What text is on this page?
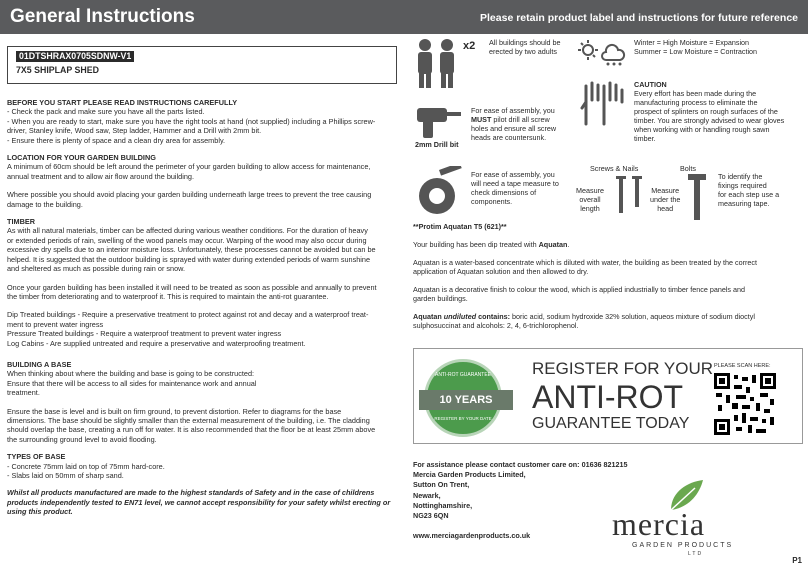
General Instructions	Please retain product label and instructions for future reference
01DTSHRAX0705SDNW-V1
7X5 SHIPLAP SHED
BEFORE YOU START PLEASE READ INSTRUCTIONS CAREFULLY
- Check the pack and make sure you have all the parts listed.
- When you are ready to start, make sure you have the right tools at hand (not supplied) including a Phillips screw-
driver, Stanley knife, Wood saw, Step ladder, Hammer and a Drill with 2mm bit.
- Ensure there is plenty of space and a clean dry area for assembly.
LOCATION FOR YOUR GARDEN BUILDING
A minimum of 60cm should be left around the perimeter of your garden building to allow access for maintenance,
annual treatment and to allow air flow around the building.
Where possible you should avoid placing your garden building underneath large trees to prevent the tree causing
damage to the building.
TIMBER
As with all natural materials, timber can be affected during various weather conditions. For the duration of heavy
or extended periods of rain, swelling of the wood panels may occur. Warping of the wood may also occur during
excessive dry spells due to an interior moisture loss. Unfortunately, these processes cannot be avoided but can be
helped. It is suggested that the outdoor building is sprayed with water during extended periods of warm sunshine
and sheltered as much as possible during rain or snow.
Once your garden building has been installed it will need to be treated as soon as possible and annually to prevent
the timber from deteriorating and to waterproof it. This is required to maintain the anti-rot guarantee.
Dip Treated buildings - Require a preservative treatment to protect against rot and decay and a waterproof treat-
ment to prevent water ingress
Pressure Treated buildings - Require a waterproof treatment to prevent water ingress
Log Cabins - Are supplied untreated and require a preservative and waterproofing treatment.
BUILDING A BASE
When thinking about where the building and base is going to be constructed:
Ensure that there will be access to all sides for maintenance work and annual
treatment.
Ensure the base is level and is built on firm ground, to prevent distortion. Refer to diagrams for the base
dimensions. The base should be slightly smaller than the external measurement of the building, i.e. The cladding
should overlap the base, creating a run off for water. It is also recommended that the floor be at least 25mm above
the surrounding ground level to avoid flooding.
TYPES OF BASE
- Concrete 75mm laid on top of 75mm hard-core.
- Slabs laid on 50mm of sharp sand.
Whilst all products manufactured are made to the highest standards of Safety and in the case of childrens
products independently tested to EN71 level, we cannot accept responsibility for your safety whilst erecting or
using this product.
x2 All buildings should be
erected by two adults
Winter = High Moisture = Expansion
Summer = Low Moisture = Contraction
2mm Drill bit
For ease of assembly, you
MUST pilot drill all screw
holes and ensure all screw
heads are countersunk.
CAUTION
Every effort has been made during the
manufacturing process to eliminate the
prospect of splinters on rough surfaces of the
timber. You are strongly advised to wear gloves
when working with or handling rough sawn
timber.
For ease of assembly, you
will need a tape measure to
check dimensions of
components.
Screws & Nails	Bolts
Measure
overall
length
Measure
under the
head
To identify the
fixings required
for each step use a
measuring tape.
**Protim Aquatan T5 (621)**
Your building has been dip treated with Aquatan.
Aquatan is a water-based concentrate which is diluted with water, the building as been treated by the correct
application of Aquatan solution and then allowed to dry.
Aquatan is a decorative finish to colour the wood, which is applied industrially to timber fence panels and
garden buildings.
Aquatan undiluted contains: boric acid, sodium hydroxide 32% solution, aqueos mixture of sodium dioctyl
sulphosuccinat and alcohols: 2, 4, 6-trichlorophenol.
ANTI-ROT GUARANTEE
10 YEARS
REGISTER BY YOUR DATE
REGISTER FOR YOUR
ANTI-ROT
GUARANTEE TODAY
PLEASE SCAN HERE:
For assistance please contact customer care on: 01636 821215
Mercia Garden Products Limited,
Sutton On Trent,
Newark,
Nottinghamshire,
NG23 6QN
www.merciagardenproducts.co.uk	mercia
GARDEN PRODUCTS
LTD
P1
